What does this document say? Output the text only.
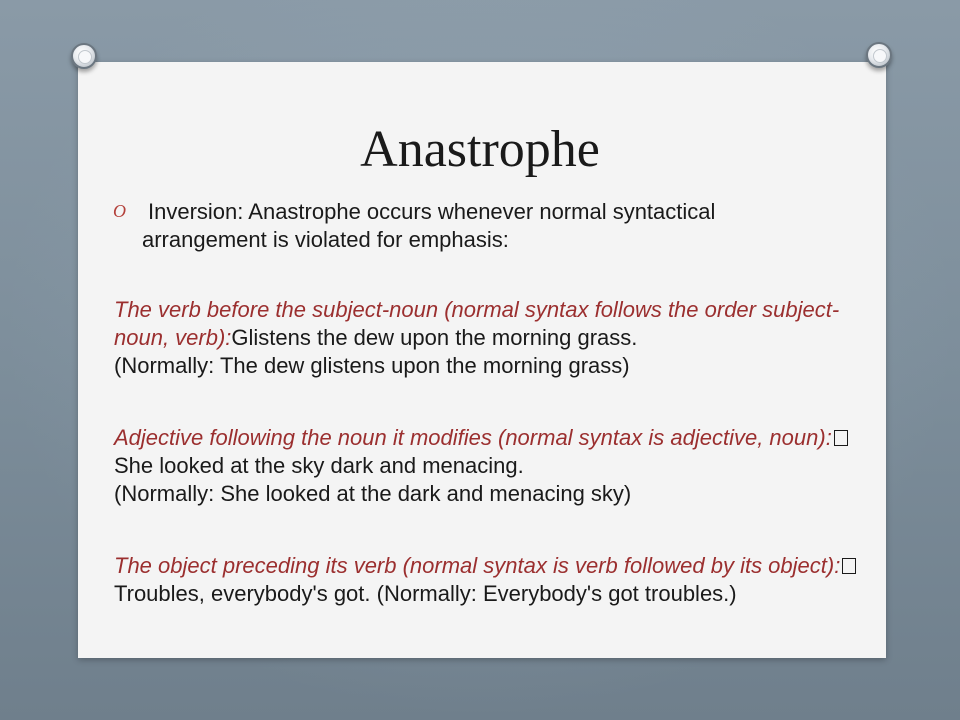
Anastrophe
O Inversion: Anastrophe occurs whenever normal syntactical
arrangement is violated for emphasis:
The verb before the subject-noun (normal syntax follows the order subject-noun, verb):Glistens the dew upon the morning grass.
(Normally: The dew glistens upon the morning grass)
Adjective following the noun it modifies (normal syntax is adjective, noun):She looked at the sky dark and menacing.
(Normally: She looked at the dark and menacing sky)
The object preceding its verb (normal syntax is verb followed by its object):Troubles, everybody's got. (Normally: Everybody's got troubles.)
